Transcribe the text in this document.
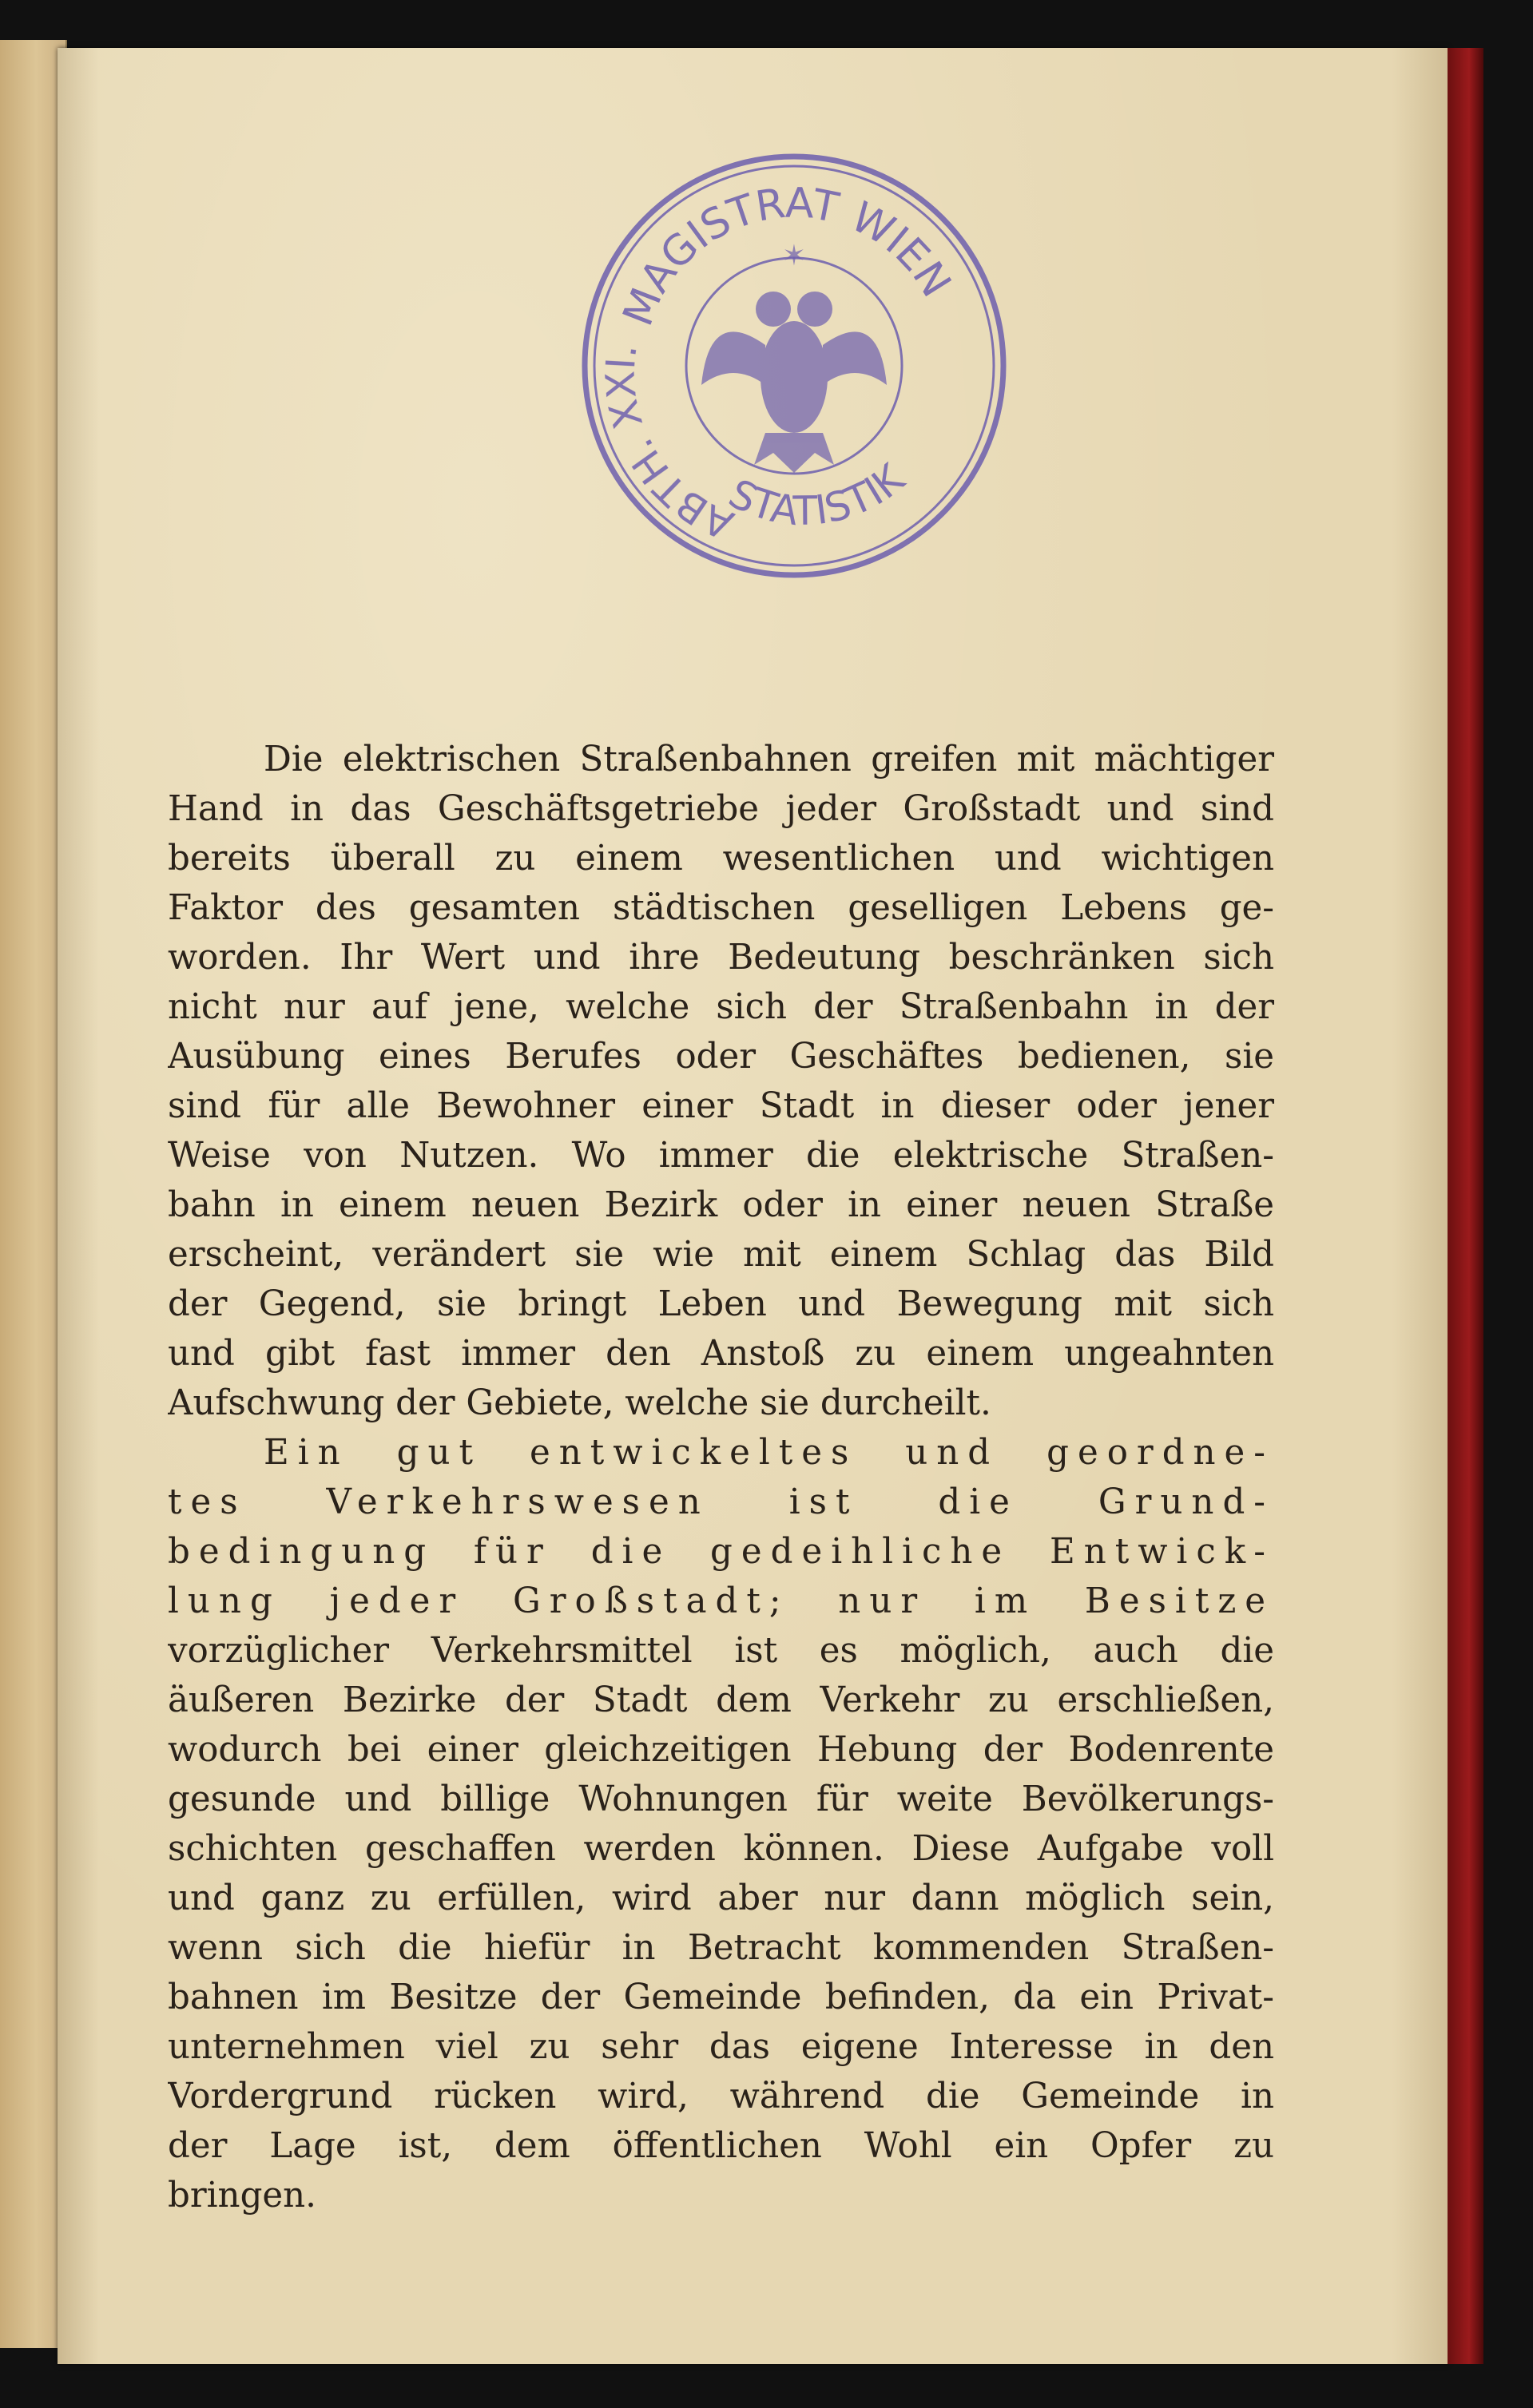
MAGISTRAT WIEN
ABTH. XXI.
STATISTIK
✶
Die elektrischen Straßenbahnen greifen mit mächtiger
Hand in das Geschäftsgetriebe jeder Großstadt und sind
bereits überall zu einem wesentlichen und wichtigen
Faktor des gesamten städtischen geselligen Lebens ge-
worden. Ihr Wert und ihre Bedeutung beschränken sich
nicht nur auf jene, welche sich der Straßenbahn in der
Ausübung eines Berufes oder Geschäftes bedienen, sie
sind für alle Bewohner einer Stadt in dieser oder jener
Weise von Nutzen. Wo immer die elektrische Straßen-
bahn in einem neuen Bezirk oder in einer neuen Straße
erscheint, verändert sie wie mit einem Schlag das Bild
der Gegend, sie bringt Leben und Bewegung mit sich
und gibt fast immer den Anstoß zu einem ungeahnten
Aufschwung der Gebiete, welche sie durcheilt.
Ein gut entwickeltes und geordne-
tes Verkehrswesen ist die Grund-
bedingung für die gedeihliche Entwick-
lung jeder Großstadt; nur im Besitze
vorzüglicher Verkehrsmittel ist es möglich, auch die
äußeren Bezirke der Stadt dem Verkehr zu erschließen,
wodurch bei einer gleichzeitigen Hebung der Bodenrente
gesunde und billige Wohnungen für weite Bevölkerungs-
schichten geschaffen werden können. Diese Aufgabe voll
und ganz zu erfüllen, wird aber nur dann möglich sein,
wenn sich die hiefür in Betracht kommenden Straßen-
bahnen im Besitze der Gemeinde befinden, da ein Privat-
unternehmen viel zu sehr das eigene Interesse in den
Vordergrund rücken wird, während die Gemeinde in
der Lage ist, dem öffentlichen Wohl ein Opfer zu
bringen.
